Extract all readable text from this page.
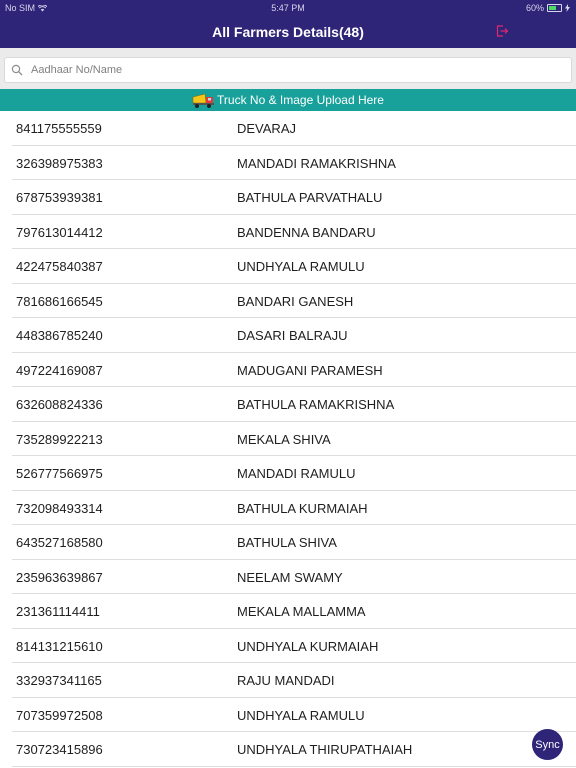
No SIM	5:47 PM	60%
All Farmers Details(48)
Aadhaar No/Name
Truck No & Image Upload Here
841175555559	DEVARAJ
326398975383	MANDADI RAMAKRISHNA
678753939381	BATHULA PARVATHALU
797613014412	BANDENNA BANDARU
422475840387	UNDHYALA RAMULU
781686166545	BANDARI GANESH
448386785240	DASARI BALRAJU
497224169087	MADUGANI PARAMESH
632608824336	BATHULA RAMAKRISHNA
735289922213	MEKALA SHIVA
526777566975	MANDADI RAMULU
732098493314	BATHULA KURMAIAH
643527168580	BATHULA SHIVA
235963639867	NEELAM SWAMY
231361114411	MEKALA MALLAMMA
814131215610	UNDHYALA KURMAIAH
332937341165	RAJU MANDADI
707359972508	UNDHYALA RAMULU
730723415896	UNDHYALA THIRUPATHAIAH	Sync
